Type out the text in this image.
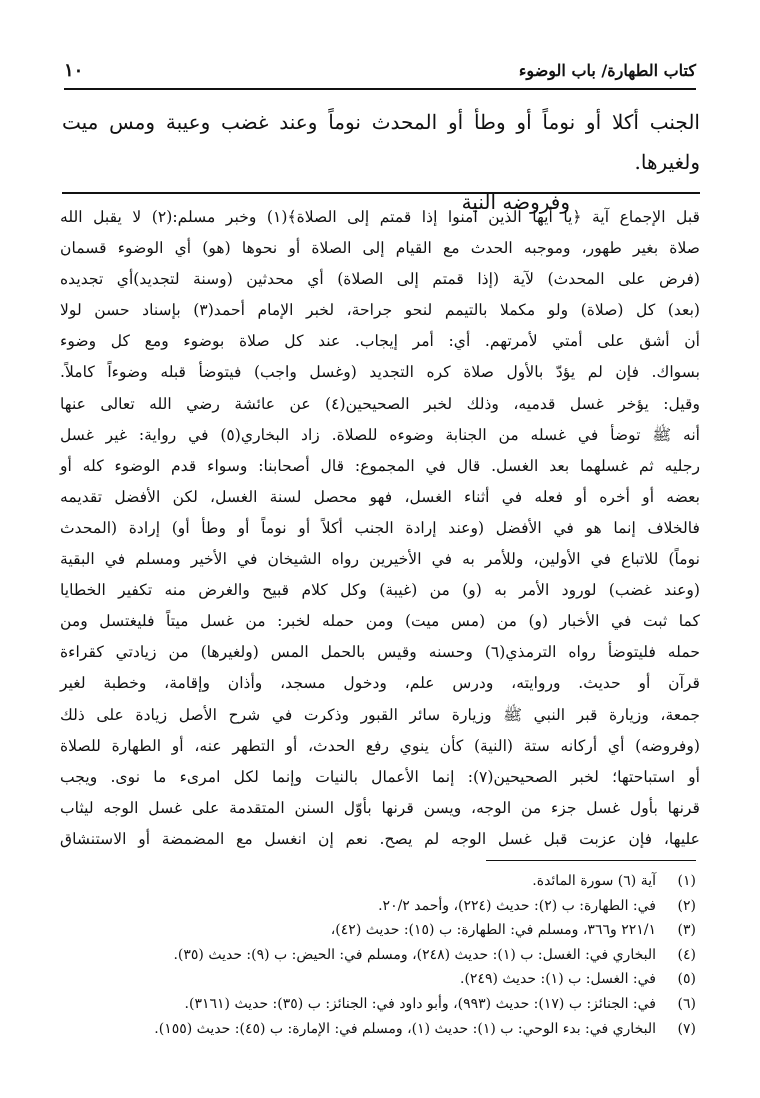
١٠	كتاب الطهارة/ باب الوضوء

الجنب أكلا أو نوماً أو وطأ أو المحدث نوماً وعند غضب وعيبة ومس ميت ولغيرها.

وفروضه النية

قبل الإجماع آية ﴿يا أيها الذين آمنوا إذا قمتم إلى الصلاة﴾(١) وخبر مسلم:(٢) لا يقبل الله

صلاة بغير طهور، وموجبه الحدث مع القيام إلى الصلاة أو نحوها (هو) أي الوضوء قسمان

(فرض على المحدث) لآية (إذا قمتم إلى الصلاة) أي محدثين (وسنة لتجديد)أي تجديده

(بعد) كل (صلاة) ولو مكملا بالتيمم لنحو جراحة، لخبر الإمام أحمد(٣) بإسناد حسن لولا

أن أشق على أمتي لأمرتهم. أي: أمر إيجاب. عند كل صلاة بوضوء ومع كل وضوء

بسواك. فإن لم يؤدّ بالأول صلاة كره التجديد (وغسل واجب) فيتوضأ قبله وضوءاً كاملاً.

وقيل: يؤخر غسل قدميه، وذلك لخبر الصحيحين(٤) عن عائشة رضي الله تعالى عنها

أنه ﷺ توضأ في غسله من الجنابة وضوءه للصلاة. زاد البخاري(٥) في رواية: غير غسل

رجليه ثم غسلهما بعد الغسل. قال في المجموع: قال أصحابنا: وسواء قدم الوضوء كله أو

بعضه أو أخره أو فعله في أثناء الغسل، فهو محصل لسنة الغسل، لكن الأفضل تقديمه

فالخلاف إنما هو في الأفضل (وعند إرادة الجنب أكلاً أو نوماً أو وطأ أو) إرادة (المحدث

نوماً) للاتباع في الأولين، وللأمر به في الأخيرين رواه الشيخان في الأخير ومسلم في البقية

(وعند غضب) لورود الأمر به (و) من (غيبة) وكل كلام قبيح والغرض منه تكفير الخطايا

كما ثبت في الأخبار (و) من (مس ميت) ومن حمله لخبر: من غسل ميتاً فليغتسل ومن

حمله فليتوضأ رواه الترمذي(٦) وحسنه وقيس بالحمل المس (ولغيرها) من زيادتي كقراءة

قرآن أو حديث. وروايته، ودرس علم، ودخول مسجد، وأذان وإقامة، وخطبة لغير

جمعة، وزيارة قبر النبي ﷺ وزيارة سائر القبور وذكرت في شرح الأصل زيادة على ذلك

(وفروضه) أي أركانه ستة (النية) كأن ينوي رفع الحدث، أو التطهر عنه، أو الطهارة للصلاة

أو استباحتها؛ لخبر الصحيحين(٧): إنما الأعمال بالنيات وإنما لكل امرىء ما نوى. ويجب

قرنها بأول غسل جزء من الوجه، ويسن قرنها بأوّل السنن المتقدمة على غسل الوجه ليثاب

عليها، فإن عزبت قبل غسل الوجه لم يصح. نعم إن انغسل مع المضمضة أو الاستنشاق

(١)
آية (٦) سورة المائدة.
(٢)
في: الطهارة: ب (٢): حديث (٢٢٤)، وأحمد ٢٠/٢.
(٣)
٢٢١/١ و٣٦٦، ومسلم في: الطهارة: ب (١٥): حديث (٤٢)،
(٤)
البخاري في: الغسل: ب (١): حديث (٢٤٨)، ومسلم في: الحيض: ب (٩): حديث (٣٥).
(٥)
في: الغسل: ب (١): حديث (٢٤٩).
(٦)
في: الجنائز: ب (١٧): حديث (٩٩٣)، وأبو داود في: الجنائز: ب (٣٥): حديث (٣١٦١).
(٧)
البخاري في: بدء الوحي: ب (١): حديث (١)، ومسلم في: الإمارة: ب (٤٥): حديث (١٥٥).
